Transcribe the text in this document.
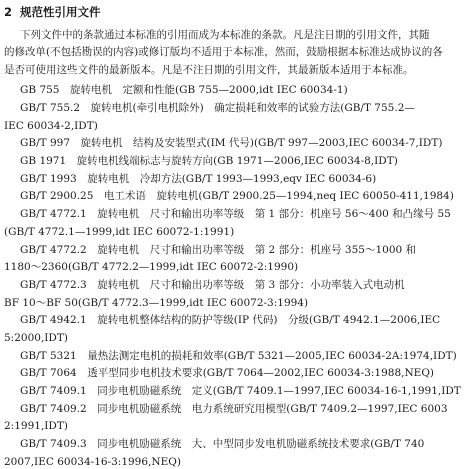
2 规范性引用文件
下列文件中的条款通过本标准的引用而成为本标准的条款。凡是注日期的引用文件，其随
的修改单(不包括勘误的内容)或修订版均不适用于本标准，然而，鼓励根据本标准达成协议的各
是否可使用这些文件的最新版本。凡是不注日期的引用文件，其最新版本适用于本标准。
GB 755　旋转电机　定额和性能(GB 755—2000,idt IEC 60034-1)
GB/T 755.2　旋转电机(牵引电机除外)　确定损耗和效率的试验方法(GB/T 755.2—
IEC 60034-2,IDT)
GB/T 997　旋转电机　结构及安装型式(IM 代号)(GB/T 997—2003,IEC 60034-7,IDT)
GB 1971　旋转电机线端标志与旋转方向(GB 1971—2006,IEC 60034-8,IDT)
GB/T 1993　旋转电机　冷却方法(GB/T 1993—1993,eqv IEC 60034-6)
GB/T 2900.25　电工术语　旋转电机(GB/T 2900.25—1994,neq IEC 60050-411,1984)
GB/T 4772.1　旋转电机　尺寸和输出功率等级　第 1 部分：机座号 56～400 和凸缘号 55
(GB/T 4772.1—1999,idt IEC 60072-1:1991)
GB/T 4772.2　旋转电机　尺寸和输出功率等级　第 2 部分：机座号 355～1000 和
1180～2360(GB/T 4772.2—1999,idt IEC 60072-2:1990)
GB/T 4772.3　旋转电机　尺寸和输出功率等级　第 3 部分：小功率装入式电动机
BF 10～BF 50(GB/T 4772.3—1999,idt IEC 60072-3:1994)
GB/T 4942.1　旋转电机整体结构的防护等级(IP 代码)　分级(GB/T 4942.1—2006,IEC
5:2000,IDT)
GB/T 5321　量热法测定电机的损耗和效率(GB/T 5321—2005,IEC 60034-2A:1974,IDT)
GB/T 7064　透平型同步电机技术要求(GB/T 7064—2002,IEC 60034-3:1988,NEQ)
GB/T 7409.1　同步电机励磁系统　定义(GB/T 7409.1—1997,IEC 60034-16-1,1991,IDT
GB/T 7409.2　同步电机励磁系统　电力系统研究用模型(GB/T 7409.2—1997,IEC 6003
2:1991,IDT)
GB/T 7409.3　同步电机励磁系统　大、中型同步发电机励磁系统技术要求(GB/T 740
2007,IEC 60034-16-3:1996,NEQ)
